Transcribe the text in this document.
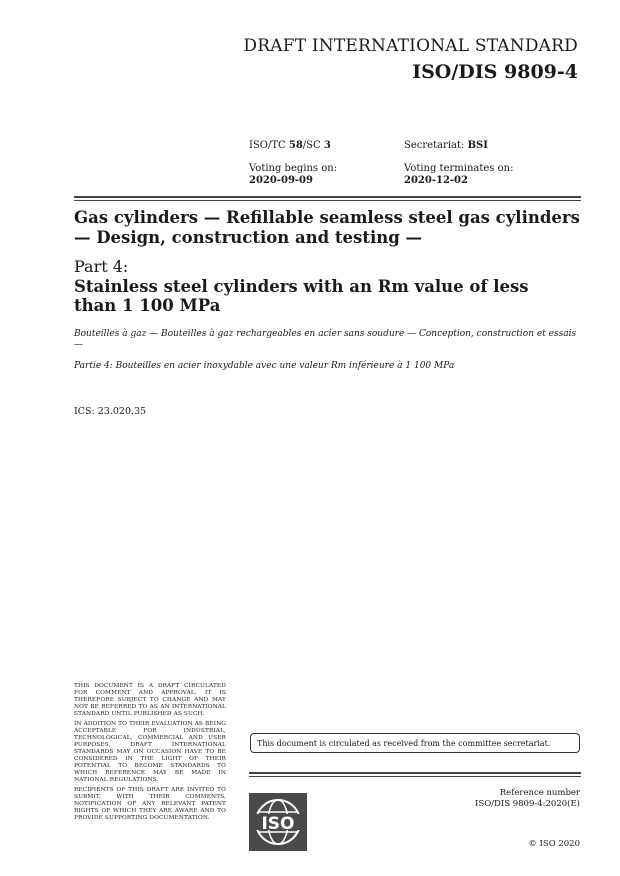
DRAFT INTERNATIONAL STANDARD
ISO/DIS 9809-4
ISO/TC 58/SC 3	Secretariat: BSI
Voting begins on:
2020-09-09
Voting terminates on:
2020-12-02
Gas cylinders — Refillable seamless steel gas cylinders — Design, construction and testing —
Part 4:
Stainless steel cylinders with an Rm value of less than 1 100 MPa
Bouteilles à gaz — Bouteilles à gaz rechargeables en acier sans soudure — Conception, construction et essais —
Partie 4: Bouteilles en acier inoxydable avec une valeur Rm inférieure à 1 100 MPa
ICS: 23.020.35

THIS DOCUMENT IS A DRAFT CIRCULATED FOR COMMENT AND APPROVAL. IT IS THEREFORE SUBJECT TO CHANGE AND MAY NOT BE REFERRED TO AS AN INTERNATIONAL STANDARD UNTIL PUBLISHED AS SUCH.

IN ADDITION TO THEIR EVALUATION AS BEING ACCEPTABLE FOR INDUSTRIAL, TECHNOLOGICAL, COMMERCIAL AND USER PURPOSES, DRAFT INTERNATIONAL STANDARDS MAY ON OCCASION HAVE TO BE CONSIDERED IN THE LIGHT OF THEIR POTENTIAL TO BECOME STANDARDS TO WHICH REFERENCE MAY BE MADE IN NATIONAL REGULATIONS.

RECIPIENTS OF THIS DRAFT ARE INVITED TO SUBMIT, WITH THEIR COMMENTS, NOTIFICATION OF ANY RELEVANT PATENT RIGHTS OF WHICH THEY ARE AWARE AND TO PROVIDE SUPPORTING DOCUMENTATION.

This document is circulated as received from the committee secretariat.
Reference number
ISO/DIS 9809-4:2020(E)
ISO
© ISO 2020
